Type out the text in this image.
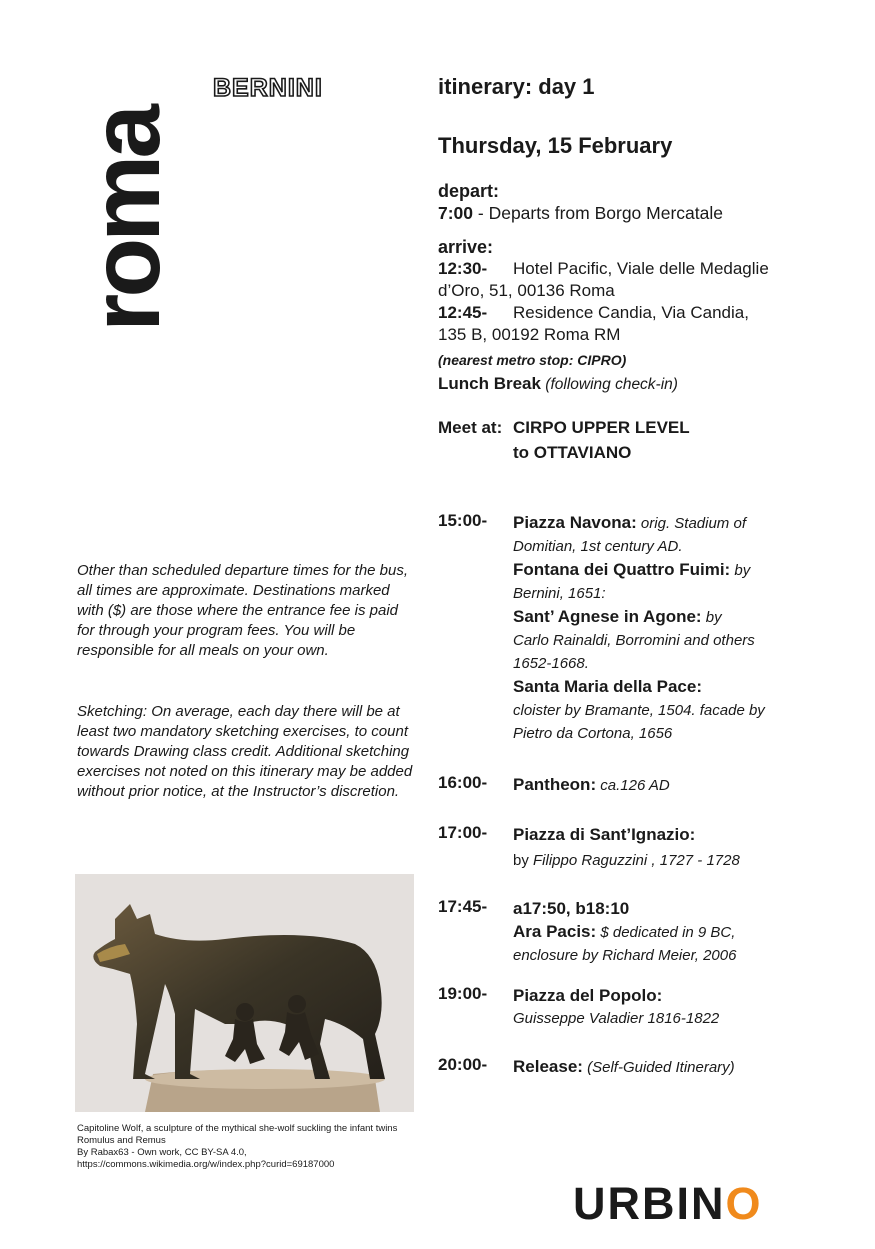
roma
BERNINI	itinerary: day 1
Thursday, 15 February
depart:
7:00 - Departs from Borgo Mercatale
arrive:
12:30- Hotel Pacific, Viale delle Medaglie
d’Oro, 51, 00136 Roma
12:45- Residence Candia, Via Candia,
135 B, 00192 Roma RM
(nearest metro stop: CIPRO)
Lunch Break (following check-in)
Meet at: CIRPO UPPER LEVEL
to OTTAVIANO
15:00- Piazza Navona: orig. Stadium of
Domitian, 1st century AD.
Fontana dei Quattro Fuimi: by
Bernini, 1651:
Sant’ Agnese in Agone: by
Carlo Rainaldi, Borromini and others
1652-1668.
Santa Maria della Pace:
cloister by Bramante, 1504. facade by
Pietro da Cortona, 1656
16:00- Pantheon: ca.126 AD
17:00- Piazza di Sant’Ignazio:
by Filippo Raguzzini , 1727 - 1728
17:45- a17:50, b18:10
Ara Pacis: $ dedicated in 9 BC,
enclosure by Richard Meier, 2006
19:00- Piazza del Popolo:
Guisseppe Valadier 1816-1822
20:00- Release: (Self-Guided Itinerary)
Other than scheduled departure times for the bus, all times are approximate. Destinations marked with ($) are those where the entrance fee is paid for through your program fees. You will be responsible for all meals on your own.
Sketching: On average, each day there will be at least two mandatory sketching exercises, to count towards Drawing class credit. Additional sketching exercises not noted on this itinerary may be added without prior notice, at the Instructor’s discretion.
Capitoline Wolf, a sculpture of the mythical she-wolf suckling the infant twins Romulus and Remus
By Rabax63 - Own work, CC BY-SA 4.0, https://commons.wikimedia.org/w/index.php?curid=69187000
URBINO
